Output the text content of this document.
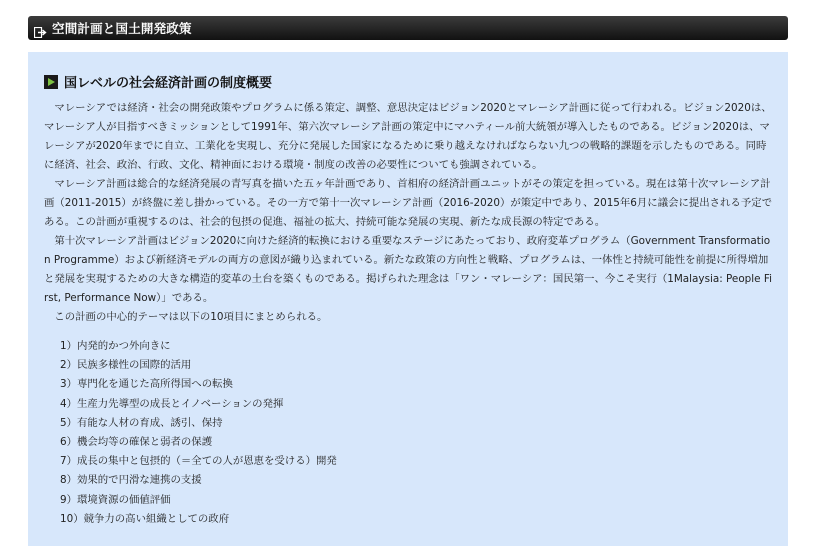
空間計画と国土開発政策
国レベルの社会経済計画の制度概要

マレーシアでは経済・社会の開発政策やプログラムに係る策定、調整、意思決定はビジョン2020とマレーシア計画に従って行われる。ビジョン2020は、マレーシア人が目指すべきミッションとして1991年、第六次マレーシア計画の策定中にマハティール前大統領が導入したものである。ビジョン2020は、マレーシアが2020年までに自立、工業化を実現し、充分に発展した国家になるために乗り越えなければならない九つの戦略的課題を示したものである。同時に経済、社会、政治、行政、文化、精神面における環境・制度の改善の必要性についても強調されている。

マレーシア計画は総合的な経済発展の青写真を描いた五ヶ年計画であり、首相府の経済計画ユニットがその策定を担っている。現在は第十次マレーシア計画（2011-2015）が終盤に差し掛かっている。その一方で第十一次マレーシア計画（2016-2020）が策定中であり、2015年6月に議会に提出される予定である。この計画が重視するのは、社会的包摂の促進、福祉の拡大、持続可能な発展の実現、新たな成長源の特定である。

第十次マレーシア計画はビジョン2020に向けた経済的転換における重要なステージにあたっており、政府変革プログラム（Government Transformation Programme）および新経済モデルの両方の意図が織り込まれている。新たな政策の方向性と戦略、プログラムは、一体性と持続可能性を前提に所得増加と発展を実現するための大きな構造的変革の土台を築くものである。掲げられた理念は「ワン・マレーシア：国民第一、今こそ実行（1Malaysia: People First, Performance Now）」である。

この計画の中心的テーマは以下の10項目にまとめられる。

1）内発的かつ外向きに
2）民族多様性の国際的活用
3）専門化を通じた高所得国への転換
4）生産力先導型の成長とイノベーションの発揮
5）有能な人材の育成、誘引、保持
6）機会均等の確保と弱者の保護
7）成長の集中と包摂的（＝全ての人が恩恵を受ける）開発
8）効果的で円滑な連携の支援
9）環境資源の価値評価
10）競争力の高い組織としての政府
